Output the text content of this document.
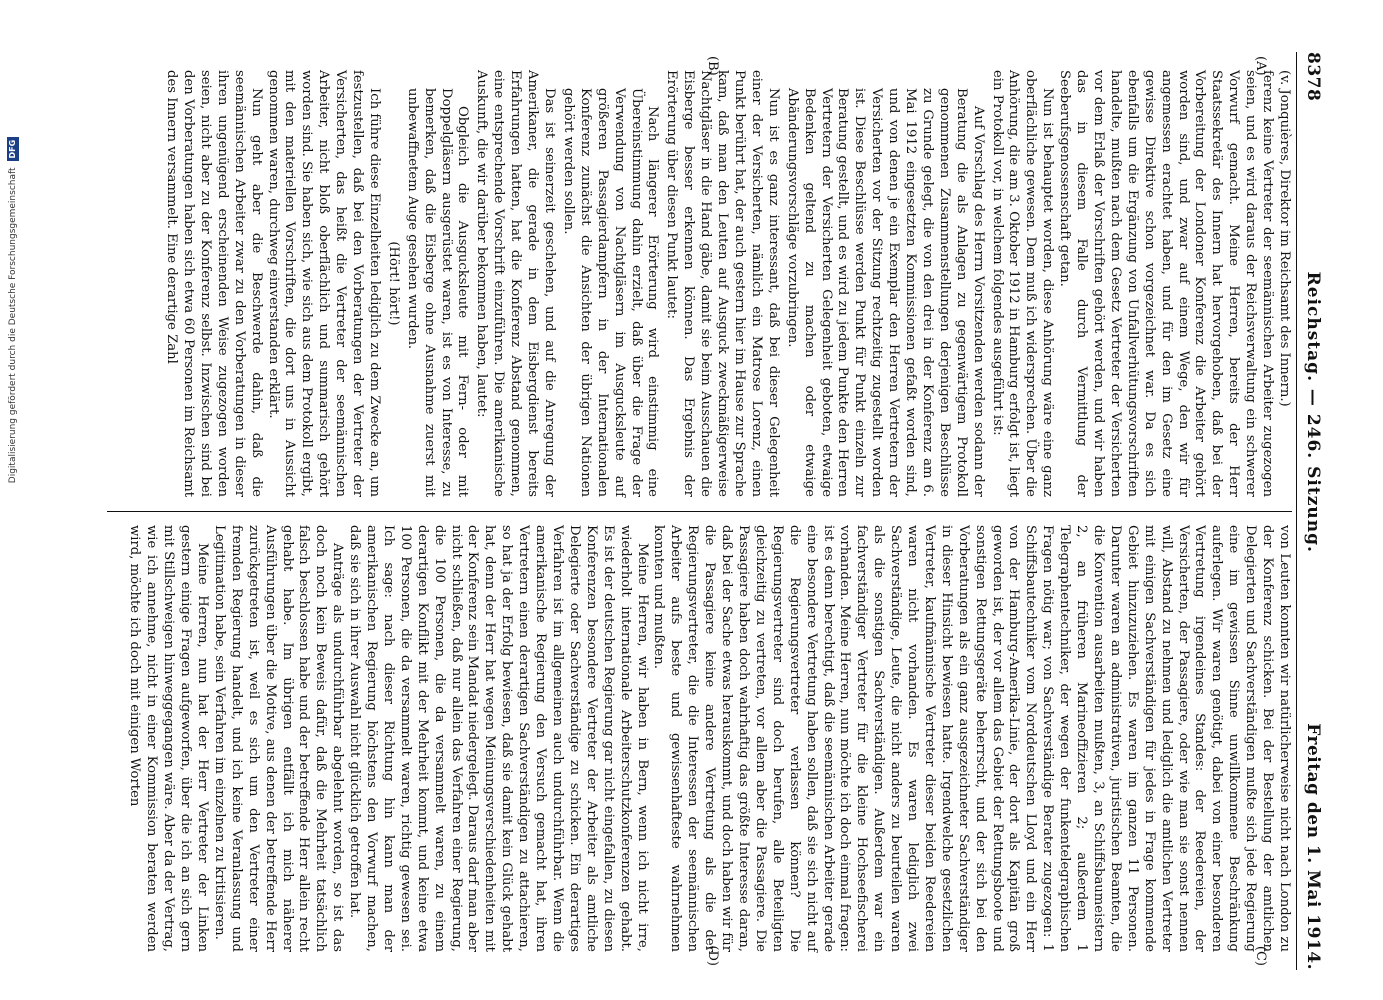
8378
Reichstag. — 246. Sitzung.
Freitag den 1. Mai 1914.
(A)
(B)

(v. Jonquières, Direktor im Reichsamt des Innern.)

ferenz keine Vertreter der seemännischen Arbeiter zugezogen seien, und es wird daraus der Reichsverwaltung ein schwerer Vorwurf gemacht. Meine Herren, bereits der Herr Staatssekretär des Innern hat hervorgehoben, daß bei der Vorbereitung der Londoner Konferenz die Arbeiter gehört worden sind, und zwar auf einem Wege, den wir für angemessen erachtet haben, und für den im Gesetz eine gewisse Direktive schon vorgezeichnet war. Da es sich ebenfalls um die Ergänzung von Unfallverhütungsvorschriften handelte, mußten nach dem Gesetz Vertreter der Versicherten vor dem Erlaß der Vorschriften gehört werden, und wir haben das in diesem Falle durch Vermittlung der Seeberufsgenossenschaft getan.

Nun ist behauptet worden, diese Anhörung wäre eine ganz oberflächliche gewesen. Dem muß ich widersprechen. Über die Anhörung, die am 3. Oktober 1912 in Hamburg erfolgt ist, liegt ein Protokoll vor, in welchem folgendes ausgeführt ist:

Auf Vorschlag des Herrn Vorsitzenden werden sodann der Beratung die als Anlagen zu gegenwärtigem Protokoll genommenen Zusammenstellungen derjenigen Beschlüsse zu Grunde gelegt, die von den drei in der Konferenz am 6. Mai 1912 eingesetzten Kommissionen gefaßt worden sind, und von denen je ein Exemplar den Herren Vertretern der Versicherten vor der Sitzung rechtzeitig zugestellt worden ist. Diese Beschlüsse werden Punkt für Punkt einzeln zur Beratung gestellt, und es wird zu jedem Punkte den Herren Vertretern der Versicherten Gelegenheit geboten, etwaige Bedenken geltend zu machen oder etwaige Abänderungsvorschläge vorzubringen.

Nun ist es ganz interessant, daß bei dieser Gelegenheit einer der Versicherten, nämlich ein Matrose Lorenz, einen Punkt berührt hat, der auch gestern hier im Hause zur Sprache kam, daß man den Leuten auf Ausguck zweckmäßigerweise Nachtgläser in die Hand gäbe, damit sie beim Ausschauen die Eisberge besser erkennen können. Das Ergebnis der Erörterung über diesen Punkt lautet:

Nach längerer Erörterung wird einstimmig eine Übereinstimmung dahin erzielt, daß über die Frage der Verwendung von Nachtgläsern im Ausgucksleute auf größeren Passagierdampfern in der Internationalen Konferenz zunächst die Ansichten der übrigen Nationen gehört werden sollen.

Das ist seinerzeit geschehen, und auf die Anregung der Amerikaner, die gerade in dem Eisbergdienst bereits Erfahrungen hatten, hat die Konferenz Abstand genommen, eine entsprechende Vorschrift einzuführen. Die amerikanische Auskunft, die wir darüber bekommen haben, lautet:

Obgleich die Ausgucksleute mit Fern- oder mit Doppelgläsern ausgerüstet waren, ist es von Interesse, zu bemerken, daß die Eisberge ohne Ausnahme zuerst mit unbewaffnetem Auge gesehen wurden.

(Hört! hört!)

Ich führe diese Einzelheiten lediglich zu dem Zwecke an, um festzustellen, daß bei den Vorberatungen der Vertreter der Versicherten, das heißt die Vertreter der seemännischen Arbeiter, nicht bloß oberflächlich und summarisch gehört worden sind. Sie haben sich, wie sich aus dem Protokoll ergibt, mit den materiellen Vorschriften, die dort uns in Aussicht genommen waren, durchweg einverstanden erklärt.

Nun geht aber die Beschwerde dahin, daß die seemännischen Arbeiter zwar zu den Vorberatungen in dieser ihren ungenügend erscheinenden Weise zugezogen worden seien, nicht aber zu der Konferenz selbst. Inzwischen sind bei den Vorberatungen haben sich etwa 60 Personen im Reichsamt des Innern versammelt. Eine derartige Zahl

(C)
(D)

von Leuten konnten wir natürlicherweise nicht nach London zu der Konferenz schicken. Bei der Bestellung der amtlichen Delegierten und Sachverständigen mußte sich jede Regierung eine im gewissen Sinne unwillkommene Beschränkung auferlegen. Wir waren genötigt, dabei von einer besonderen Vertretung irgendeines Standes: der Reedereien, der Versicherten, der Passagiere, oder wie man sie sonst nennen will, Abstand zu nehmen und lediglich die amtlichen Vertreter mit einigen Sachverständigen für jedes in Frage kommende Gebiet hinzuzuziehen. Es waren im ganzen 11 Personen. Darunter waren an administrativen, juristischen Beamten, die die Konvention ausarbeiten mußten, 3, an Schiffsbaumeistern 2, an früheren Marineoffizieren 2; außerdem 1 Telegraphentechniker, der wegen der funkentelegraphischen Fragen nötig war; von Sachverständige Berater zugezogen: 1 Schiffsbautechniker vom Norddeutschen Lloyd und ein Herr von der Hamburg-Amerika-Linie, der dort als Kapitän groß geworden ist, der vor allem das Gebiet der Rettungsboote und sonstigen Rettungsgeräte beherrscht, und der sich bei den Vorberatungen als ein ganz ausgezeichneter Sachverständiger in dieser Hinsicht bewiesen hatte. Irgendwelche gesetzlichen Vertreter, kaufmännische Vertreter dieser beiden Reedereien waren nicht vorhanden. Es waren lediglich zwei Sachverständige, Leute, die nicht anders zu beurteilen waren als die sonstigen Sachverständigen. Außerdem war ein fachverständiger Vertreter für die kleine Hochseefischerei vorhanden. Meine Herren, nun möchte ich doch einmal fragen: ist es denn berechtigt, daß die seemännischen Arbeiter gerade eine besondere Vertretung haben sollen, daß sie sich nicht auf die Regierungsvertreter verlassen können? Die Regierungsvertreter sind doch berufen, alle Beteiligten gleichzeitig zu vertreten, vor allem aber die Passagiere. Die Passagiere haben doch wahrhaftig das größte Interesse daran, daß bei der Sache etwas herauskommt, und doch haben wir für die Passagiere keine andere Vertretung als die der Regierungsvertreter, die die Interessen der seemännischen Arbeiter aufs beste und gewissenhafteste wahrnehmen konnten und mußten.

Meine Herren, wir haben in Bern, wenn ich nicht irre, wiederholt internationale Arbeiterschutzkonferenzen gehabt. Es ist der deutschen Regierung gar nicht eingefallen, zu diesen Konferenzen besondere Vertreter der Arbeiter als amtliche Delegierte oder Sachverständige zu schicken. Ein derartiges Verfahren ist im allgemeinen auch undurchführbar. Wenn die amerikanische Regierung den Versuch gemacht hat, ihren Vertretern einen derartigen Sachverständigen zu attachieren, so hat ja der Erfolg bewiesen, daß sie damit kein Glück gehabt hat, denn der Herr hat wegen Meinungsverschiedenheiten mit der Konferenz sein Mandat niedergelegt. Daraus darf man aber nicht schließen, daß nur allein das Verfahren einer Regierung, die 100 Personen, die da versammelt waren, zu einem derartigen Konflikt mit der Mehrheit kommt, und keine etwa 100 Personen, die da versammelt waren, richtig gewesen sei. Ich sage: nach dieser Richtung hin kann man der amerikanischen Regierung höchstens den Vorwurf machen, daß sie sich in ihrer Auswahl nicht glücklich getroffen hat.

Anträge als undurchführbar abgelehnt worden, so ist das doch noch kein Beweis dafür, daß die Mehrheit tatsächlich falsch beschlossen habe und der betreffende Herr allein recht gehabt habe. Im übrigen entfällt ich mich näherer Ausführungen über die Motive, aus denen der betreffende Herr zurückgetreten ist, weil es sich um den Vertreter einer fremden Regierung handelt, und ich keine Veranlassung und Legitimation habe, sein Verfahren im einzelnen zu kritisieren.

Meine Herren, nun hat der Herr Vertreter der Linken gestern einige Fragen aufgeworfen, über die ich an sich gern mit Stillschweigen hinweggegangen wäre. Aber da der Vertrag, wie ich annehme, nicht in einer Kommission beraten werden wird, möchte ich doch mit einigen Worten

Digitalisierung gefördert durch die Deutsche Forschungsgemeinschaft
DFG
